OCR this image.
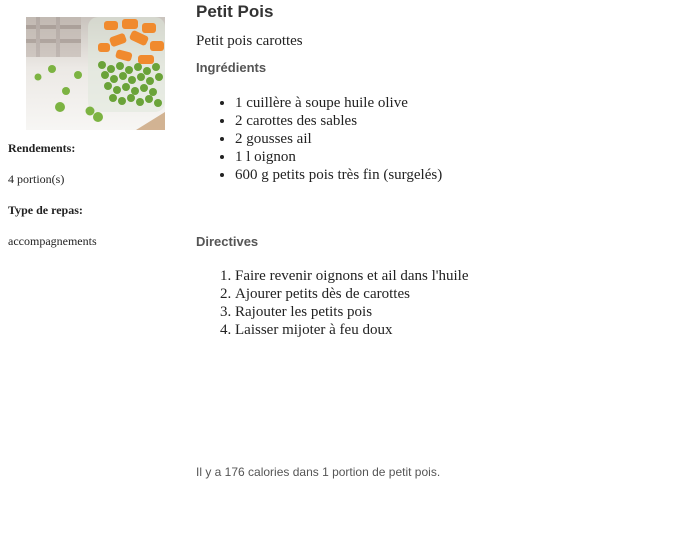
Rendements:
4 portion(s)
Type de repas:
accompagnements
Petit Pois
Petit pois carottes
Ingrédients
• 1 cuillère à soupe huile olive
• 2 carottes des sables
• 2 gousses ail
• 1 l oignon
• 600 g petits pois très fin (surgelés)
Directives
1. Faire revenir oignons et ail dans l'huile
2. Ajourer petits dès de carottes
3. Rajouter les petits pois
4. Laisser mijoter à feu doux
Il y a 176 calories dans 1 portion de petit pois.
